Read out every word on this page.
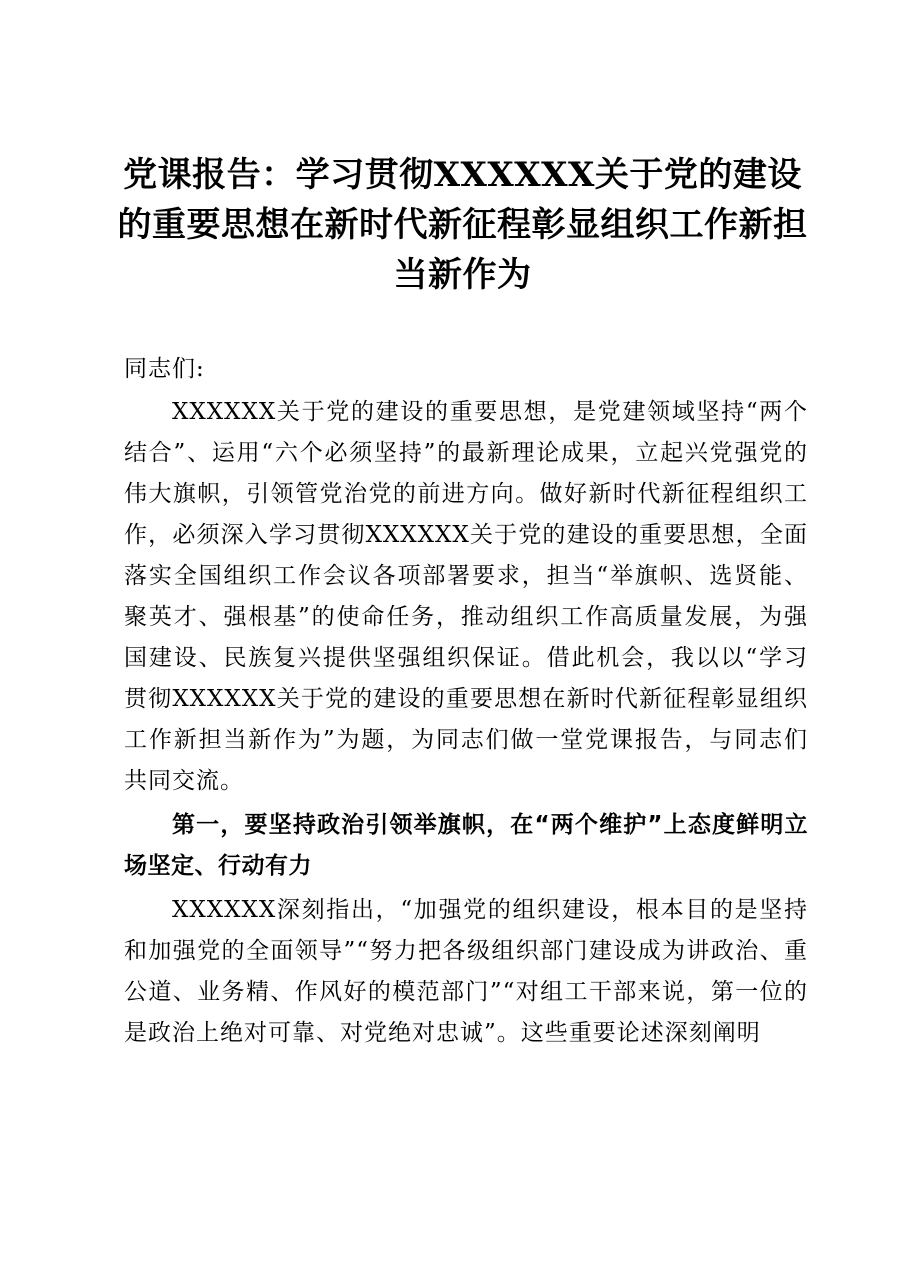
党课报告：学习贯彻XXXXXX关于党的建设的重要思想在新时代新征程彰显组织工作新担当新作为

同志们:

XXXXXX关于党的建设的重要思想，是党建领域坚持“两个结合”、运用“六个必须坚持”的最新理论成果，立起兴党强党的伟大旗帜，引领管党治党的前进方向。做好新时代新征程组织工作，必须深入学习贯彻XXXXXX关于党的建设的重要思想，全面落实全国组织工作会议各项部署要求，担当“举旗帜、选贤能、聚英才、强根基”的使命任务，推动组织工作高质量发展，为强国建设、民族复兴提供坚强组织保证。借此机会，我以以“学习贯彻XXXXXX关于党的建设的重要思想在新时代新征程彰显组织工作新担当新作为”为题，为同志们做一堂党课报告，与同志们共同交流。

第一，要坚持政治引领举旗帜，在“两个维护”上态度鲜明立场坚定、行动有力

XXXXXX深刻指出，“加强党的组织建设，根本目的是坚持和加强党的全面领导”“努力把各级组织部门建设成为讲政治、重公道、业务精、作风好的模范部门”“对组工干部来说，第一位的是政治上绝对可靠、对党绝对忠诚”。这些重要论述深刻阐明
